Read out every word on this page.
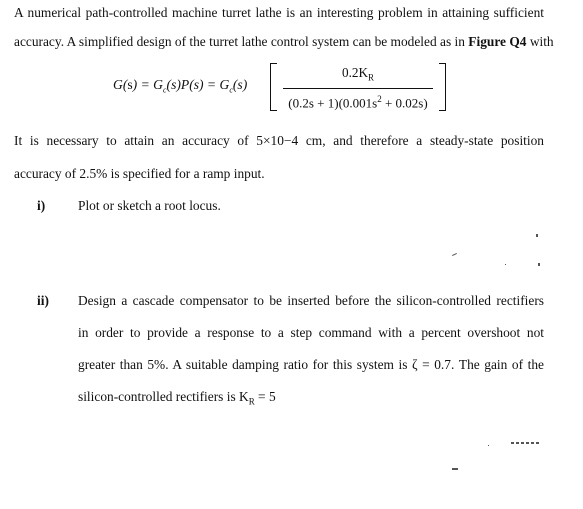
A numerical path-controlled machine turret lathe is an interesting problem in attaining sufficient
accuracy. A simplified design of the turret lathe control system can be modeled as in Figure Q4 with
$G(s) = G_c(s)P(s) = G_c(s)$
$0.2K_R$
$(0.2s + 1)(0.001s^2 + 0.02s)$
It is necessary to attain an accuracy of 5×10−4 cm, and therefore a steady-state position
accuracy of 2.5% is specified for a ramp input.
i) Plot or sketch a root locus.
ii) Design a cascade compensator to be inserted before the silicon-controlled rectifiers
in order to provide a response to a step command with a percent overshoot not
greater than 5%. A suitable damping ratio for this system is ζ = 0.7. The gain of the
silicon-controlled rectifiers is $K_R = 5$
